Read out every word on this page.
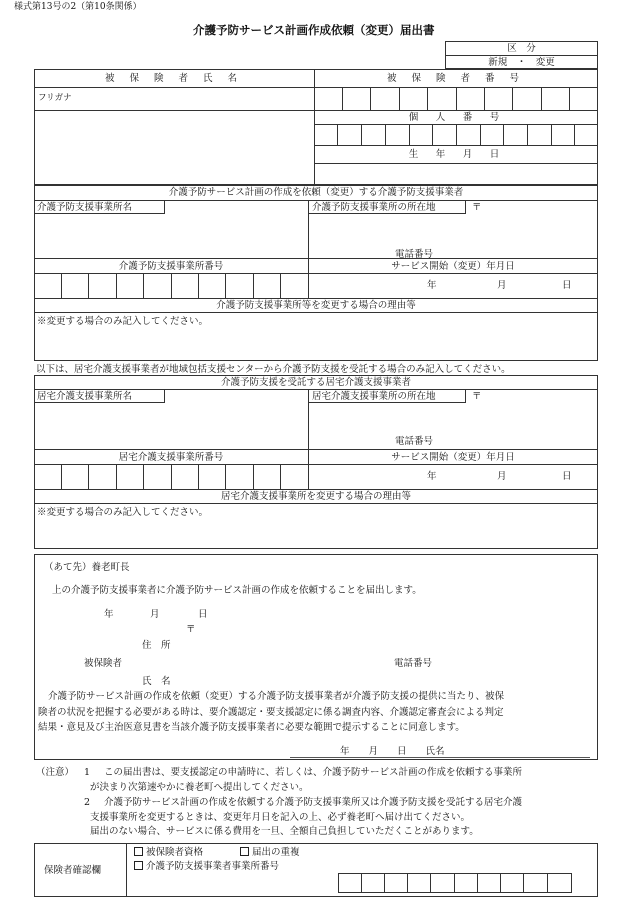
様式第13号の2（第10条関係）
介護予防サービス計画作成依頼（変更）届出書
区　分
新規　・　変更
被 保 険 者 氏 名
フリガナ
被 保 険 者 番 号
個　人　番　号
生　年　月　日
介護予防サービス計画の作成を依頼（変更）する介護予防支援事業者
介護予防支援事業所名	介護予防支援事業所の所在地	〒
電話番号
介護予防支援事業所番号	サービス開始（変更）年月日
年	月	日
介護予防支援事業所等を変更する場合の理由等
※変更する場合のみ記入してください。
以下は、居宅介護支援事業者が地域包括支援センターから介護予防支援を受託する場合のみ記入してください。
介護予防支援を受託する居宅介護支援事業者
居宅介護支援事業所名	居宅介護支援事業所の所在地	〒
電話番号
居宅介護支援事業所番号	サービス開始（変更）年月日
年	月	日
居宅介護支援事業所を変更する場合の理由等
※変更する場合のみ記入してください。
（あて先）養老町長
上の介護予防支援事業者に介護予防サービス計画の作成を依頼することを届出します。
年	月	日
〒
住　所
被保険者	電話番号
氏　名
介護予防サービス計画の作成を依頼（変更）する介護予防支援事業者が介護予防支援の提供に当たり、被保
険者の状況を把握する必要がある時は、要介護認定・要支援認定に係る調査内容、介護認定審査会による判定
結果・意見及び主治医意見書を当該介護予防支援事業者に必要な範囲で提示することに同意します。
年　　月　　日　　氏名
（注意） 1 この届出書は、要支援認定の申請時に、若しくは、介護予防サービス計画の作成を依頼する事業所
が決まり次第速やかに養老町へ提出してください。
2 介護予防サービス計画の作成を依頼する介護予防支援事業所又は介護予防支援を受託する居宅介護
支援事業所を変更するときは、変更年月日を記入の上、必ず養老町へ届け出てください。
届出のない場合、サービスに係る費用を一旦、全額自己負担していただくことがあります。
保険者確認欄
被保険者資格	届出の重複
介護予防支援事業者事業所番号
